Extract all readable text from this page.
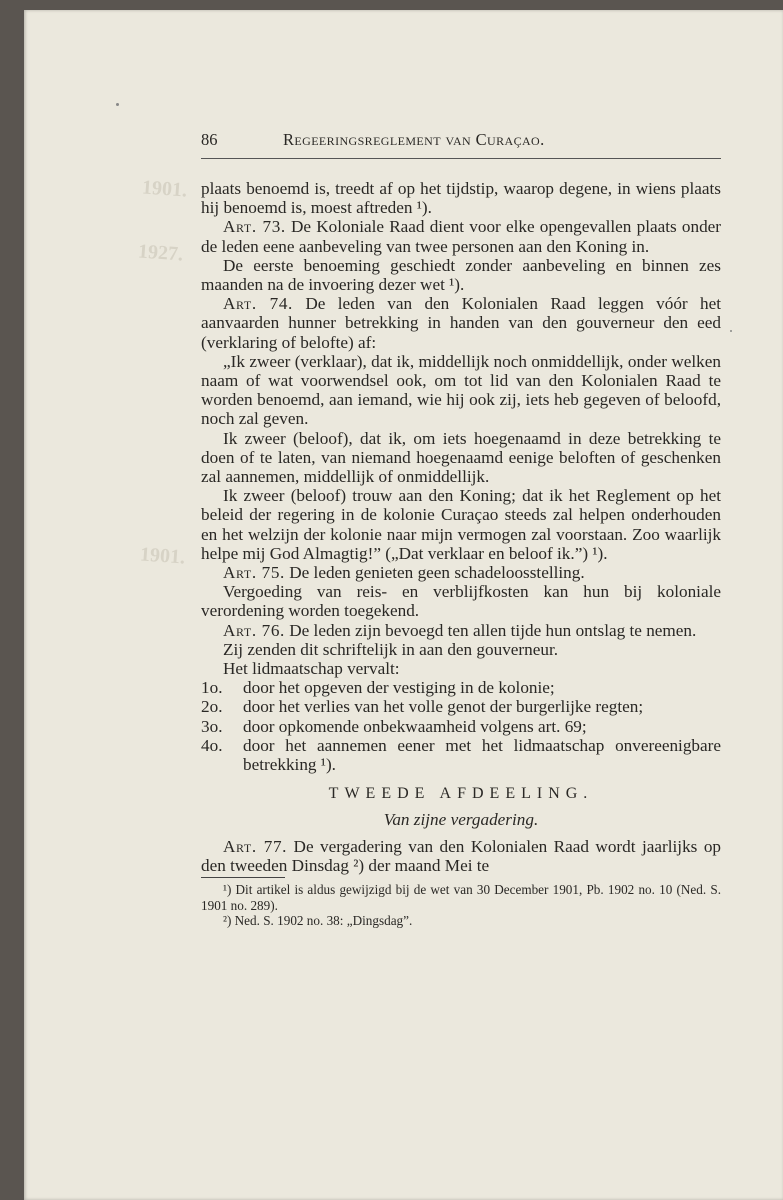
1901.
1927.
1901.
86	Regeeringsreglement van Curaçao.

plaats benoemd is, treedt af op het tijdstip, waarop degene, in wiens plaats hij benoemd is, moest aftreden ¹).

Art. 73. De Koloniale Raad dient voor elke opengevallen plaats onder de leden eene aanbeveling van twee personen aan den Koning in.

De eerste benoeming geschiedt zonder aanbeveling en binnen zes maanden na de invoering dezer wet ¹).

Art. 74. De leden van den Kolonialen Raad leggen vóór het aanvaarden hunner betrekking in handen van den gouverneur den eed (verklaring of belofte) af:

„Ik zweer (verklaar), dat ik, middellijk noch onmiddellijk, onder welken naam of wat voorwendsel ook, om tot lid van den Kolonialen Raad te worden benoemd, aan iemand, wie hij ook zij, iets heb gegeven of beloofd, noch zal geven.

Ik zweer (beloof), dat ik, om iets hoegenaamd in deze betrekking te doen of te laten, van niemand hoegenaamd eenige beloften of geschenken zal aannemen, middellijk of onmiddellijk.

Ik zweer (beloof) trouw aan den Koning; dat ik het Reglement op het beleid der regering in de kolonie Curaçao steeds zal helpen onderhouden en het welzijn der kolonie naar mijn vermogen zal voorstaan. Zoo waarlijk helpe mij God Almagtig!” („Dat verklaar en beloof ik.”) ¹).

Art. 75. De leden genieten geen schadeloosstelling.

Vergoeding van reis- en verblijfkosten kan hun bij koloniale verordening worden toegekend.

Art. 76. De leden zijn bevoegd ten allen tijde hun ontslag te nemen.

Zij zenden dit schriftelijk in aan den gouverneur.

Het lidmaatschap vervalt:

1o.	door het opgeven der vestiging in de kolonie;
2o.	door het verlies van het volle genot der burgerlijke regten;
3o.	door opkomende onbekwaamheid volgens art. 69;
4o.	door het aannemen eener met het lidmaatschap onvereenigbare betrekking ¹).
TWEEDE AFDEELING.
Van zijne vergadering.

Art. 77. De vergadering van den Kolonialen Raad wordt jaarlijks op den tweeden Dinsdag ²) der maand Mei te

¹) Dit artikel is aldus gewijzigd bij de wet van 30 December 1901, Pb. 1902 no. 10 (Ned. S. 1901 no. 289).

²) Ned. S. 1902 no. 38: „Dingsdag”.
